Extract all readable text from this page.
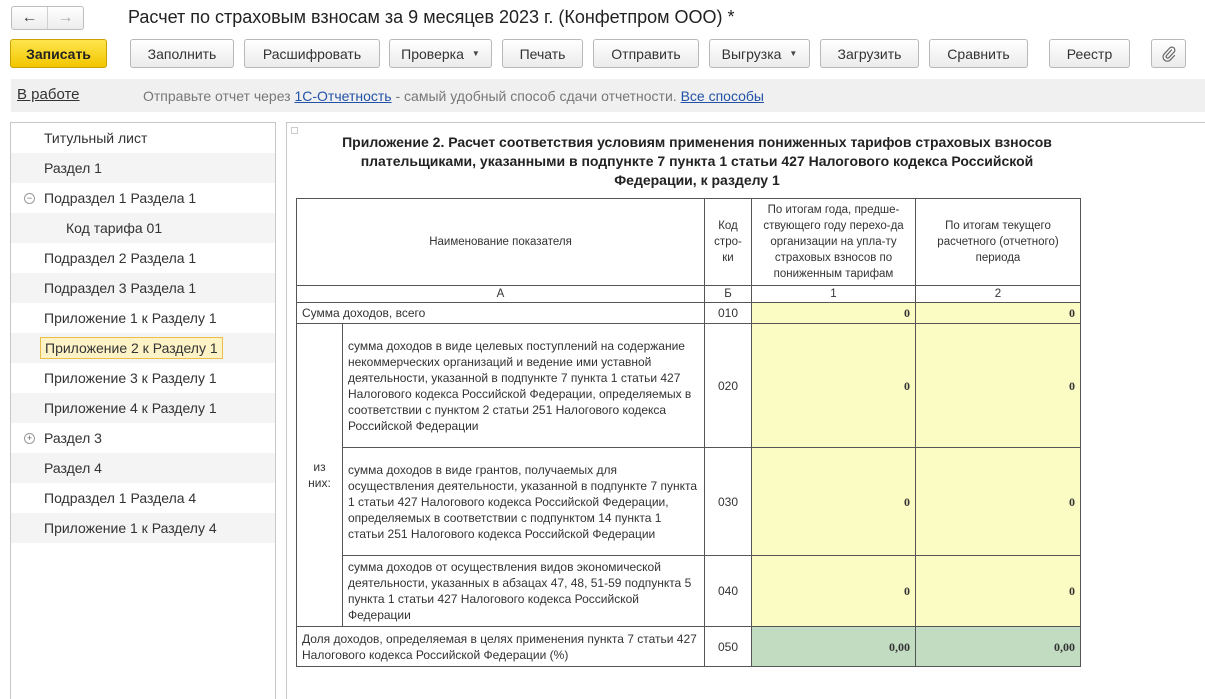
←	→	Расчет по страховым взносам за 9 месяцев 2023 г. (Конфетпром ООО) *
Записать	Заполнить	Расшифровать	Проверка ▼	Печать	Отправить	Выгрузка ▼	Загрузить	Сравнить	Реестр
В работе	Отправьте отчет через 1С-Отчетность - самый удобный способ сдачи отчетности. Все способы
Титульный лист
Раздел 1
− Подраздел 1 Раздела 1
Код тарифа 01
Подраздел 2 Раздела 1
Подраздел 3 Раздела 1
Приложение 1 к Разделу 1
Приложение 2 к Разделу 1
Приложение 3 к Разделу 1
Приложение 4 к Разделу 1
+ Раздел 3
Раздел 4
Подраздел 1 Раздела 4
Приложение 1 к Разделу 4
Приложение 2. Расчет соответствия условиям применения пониженных тарифов страховых взносов
плательщиками, указанными в подпункте 7 пункта 1 статьи 427 Налогового кодекса Российской
Федерации, к разделу 1
Наименование показателя		Код стро-ки	По итогам года, предше-ствующего году перехо-да организации на упла-ту страховых взносов по пониженным тарифам	По итогам текущего расчетного (отчетного) периода
А		Б	1	2
Сумма доходов, всего		010	0	0
из них:	сумма доходов в виде целевых поступлений на содержание некоммерческих организаций и ведение ими уставной деятельности, указанной в подпункте 7 пункта 1 статьи 427 Налогового кодекса Российской Федерации, определяемых в соответствии с пунктом 2 статьи 251 Налогового кодекса Российской Федерации	020	0	0
	сумма доходов в виде грантов, получаемых для осуществления деятельности, указанной в подпункте 7 пункта 1 статьи 427 Налогового кодекса Российской Федерации, определяемых в соответствии с подпунктом 14 пункта 1 статьи 251 Налогового кодекса Российской Федерации	030	0	0
	сумма доходов от осуществления видов экономической деятельности, указанных в абзацах 47, 48, 51-59 подпункта 5 пункта 1 статьи 427 Налогового кодекса Российской Федерации	040	0	0
Доля доходов, определяемая в целях применения пункта 7 статьи 427 Налогового кодекса Российской Федерации (%)		050	0,00	0,00
